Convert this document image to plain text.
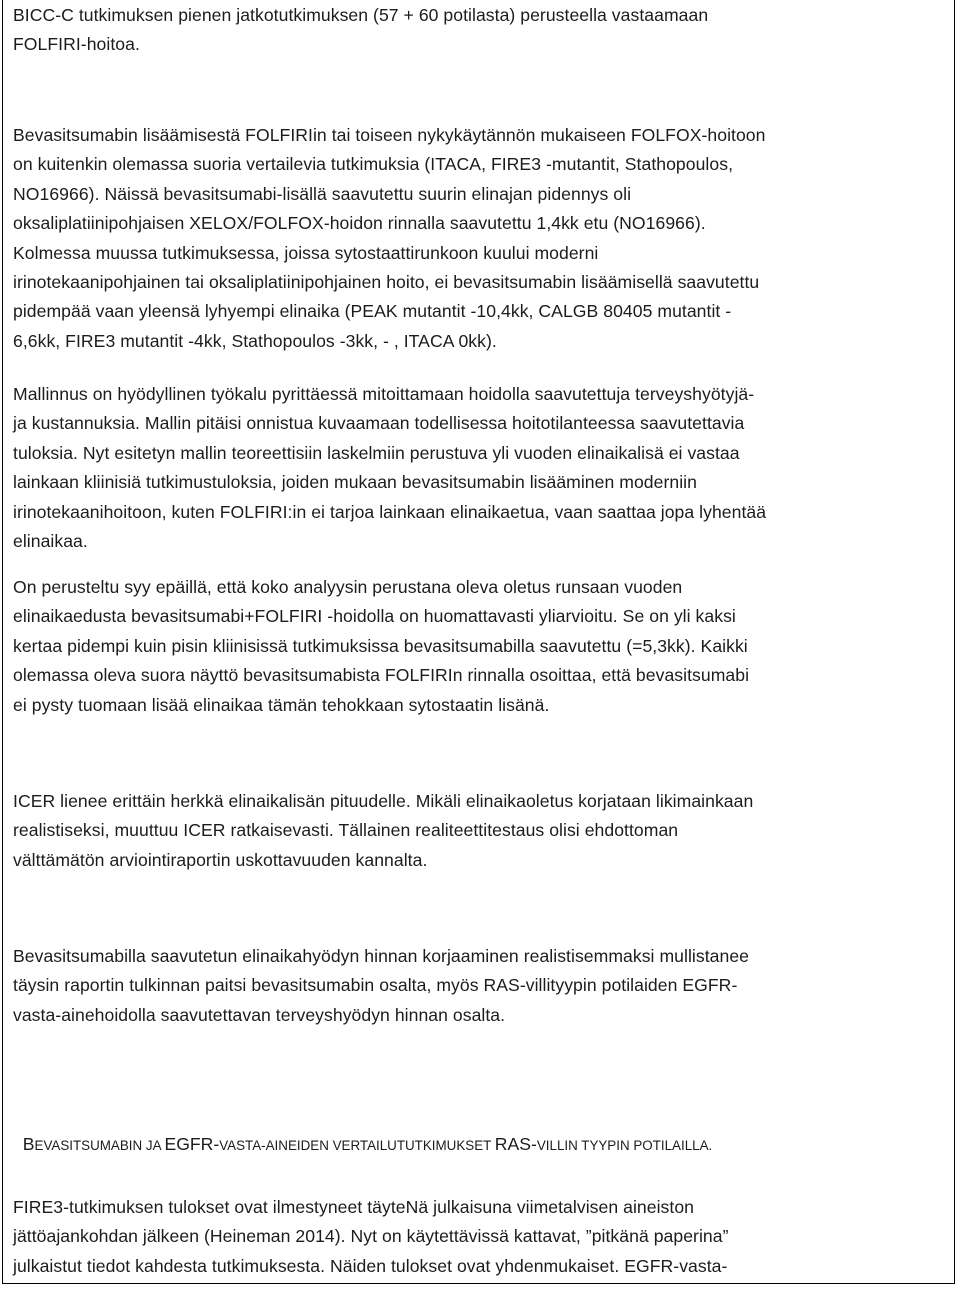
BICC-C tutkimuksen pienen jatkotutkimuksen (57 + 60 potilasta) perusteella vastaamaan
FOLFIRI-hoitoa.

Bevasitsumabin lisäämisestä FOLFIRIin tai toiseen nykykäytännön mukaiseen FOLFOX-hoitoon
on kuitenkin olemassa suoria vertailevia tutkimuksia (ITACA, FIRE3 -mutantit, Stathopoulos,
NO16966). Näissä bevasitsumabi-lisällä saavutettu suurin elinajan pidennys oli
oksaliplatiinipohjaisen XELOX/FOLFOX-hoidon rinnalla saavutettu 1,4kk etu (NO16966).
Kolmessa muussa tutkimuksessa, joissa sytostaattirunkoon kuului moderni
irinotekaanipohjainen tai oksaliplatiinipohjainen hoito, ei bevasitsumabin lisäämisellä saavutettu
pidempää vaan yleensä lyhyempi elinaika (PEAK mutantit -10,4kk, CALGB 80405 mutantit -
6,6kk, FIRE3 mutantit -4kk, Stathopoulos -3kk, - , ITACA 0kk).

Mallinnus on hyödyllinen työkalu pyrittäessä mitoittamaan hoidolla saavutettuja terveyshyötyjä-
ja kustannuksia. Mallin pitäisi onnistua kuvaamaan todellisessa hoitotilanteessa saavutettavia
tuloksia. Nyt esitetyn mallin teoreettisiin laskelmiin perustuva yli vuoden elinaikalisä ei vastaa
lainkaan kliinisiä tutkimustuloksia, joiden mukaan bevasitsumabin lisääminen moderniin
irinotekaanihoitoon, kuten FOLFIRI:in ei tarjoa lainkaan elinaikaetua, vaan saattaa jopa lyhentää
elinaikaa.

On perusteltu syy epäillä, että koko analyysin perustana oleva oletus runsaan vuoden
elinaikaedusta bevasitsumabi+FOLFIRI -hoidolla on huomattavasti yliarvioitu. Se on yli kaksi
kertaa pidempi kuin pisin kliinisissä tutkimuksissa bevasitsumabilla saavutettu (=5,3kk). Kaikki
olemassa oleva suora näyttö bevasitsumabista FOLFIRIn rinnalla osoittaa, että bevasitsumabi
ei pysty tuomaan lisää elinaikaa tämän tehokkaan sytostaatin lisänä.

ICER lienee erittäin herkkä elinaikalisän pituudelle. Mikäli elinaikaoletus korjataan likimainkaan
realistiseksi, muuttuu ICER ratkaisevasti. Tällainen realiteettitestaus olisi ehdottoman
välttämätön arviointiraportin uskottavuuden kannalta.

Bevasitsumabilla saavutetun elinaikahyödyn hinnan korjaaminen realistisemmaksi mullistanee
täysin raportin tulkinnan paitsi bevasitsumabin osalta, myös RAS-villityypin potilaiden EGFR-
vasta-ainehoidolla saavutettavan terveyshyödyn hinnan osalta.

BEVASITSUMABIN JA EGFR-VASTA-AINEIDEN VERTAILUTUTKIMUKSET RAS-VILLIN TYYPIN POTILAILLA.

FIRE3-tutkimuksen tulokset ovat ilmestyneet täyteNä julkaisuna viimetalvisen aineiston
jättöajankohdan jälkeen (Heineman 2014). Nyt on käytettävissä kattavat, ”pitkänä paperina”
julkaistut tiedot kahdesta tutkimuksesta. Näiden tulokset ovat yhdenmukaiset. EGFR-vasta-
